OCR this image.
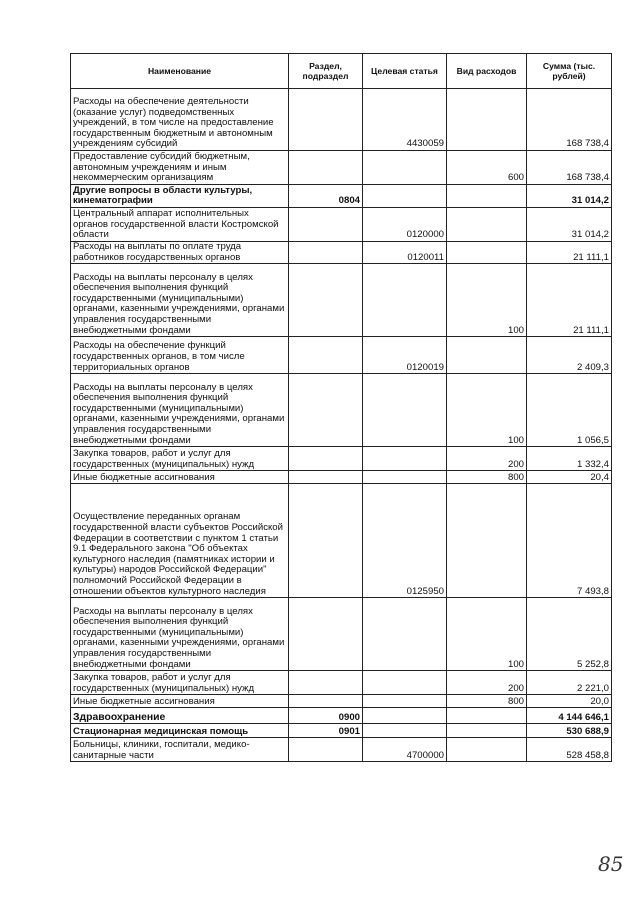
Наименование	Раздел, подраздел	Целевая статья	Вид расходов	Сумма (тыс. рублей)
Расходы на обеспечение деятельности (оказание услуг) подведомственных учреждений, в том числе на предоставление государственным бюджетным и автономным учреждениям субсидий		4430059		168 738,4
Предоставление субсидий бюджетным, автономным учреждениям и иным некоммерческим организациям			600	168 738,4
Другие вопросы в области культуры, кинематографии	0804			31 014,2
Центральный аппарат исполнительных органов государственной власти Костромской области		0120000		31 014,2
Расходы на выплаты по оплате труда работников государственных органов		0120011		21 111,1
Расходы на выплаты персоналу в целях обеспечения выполнения функций государственными (муниципальными) органами, казенными учреждениями, органами управления государственными внебюджетными фондами			100	21 111,1
Расходы на обеспечение функций государственных органов, в том числе территориальных органов		0120019		2 409,3
Расходы на выплаты персоналу в целях обеспечения выполнения функций государственными (муниципальными) органами, казенными учреждениями, органами управления государственными внебюджетными фондами			100	1 056,5
Закупка товаров, работ и услуг для государственных (муниципальных) нужд			200	1 332,4
Иные бюджетные ассигнования			800	20,4
Осуществление переданных органам государственной власти субъектов Российской Федерации в соответствии с пунктом 1 статьи 9.1 Федерального закона "Об объектах культурного наследия (памятниках истории и культуры) народов Российской Федерации" полномочий Российской Федерации в отношении объектов культурного наследия		0125950		7 493,8
Расходы на выплаты персоналу в целях обеспечения выполнения функций государственными (муниципальными) органами, казенными учреждениями, органами управления государственными внебюджетными фондами			100	5 252,8
Закупка товаров, работ и услуг для государственных (муниципальных) нужд			200	2 221,0
Иные бюджетные ассигнования			800	20,0
Здравоохранение	0900			4 144 646,1
Стационарная медицинская помощь	0901			530 688,9
Больницы, клиники, госпитали, медико-санитарные части		4700000		528 458,8
85
